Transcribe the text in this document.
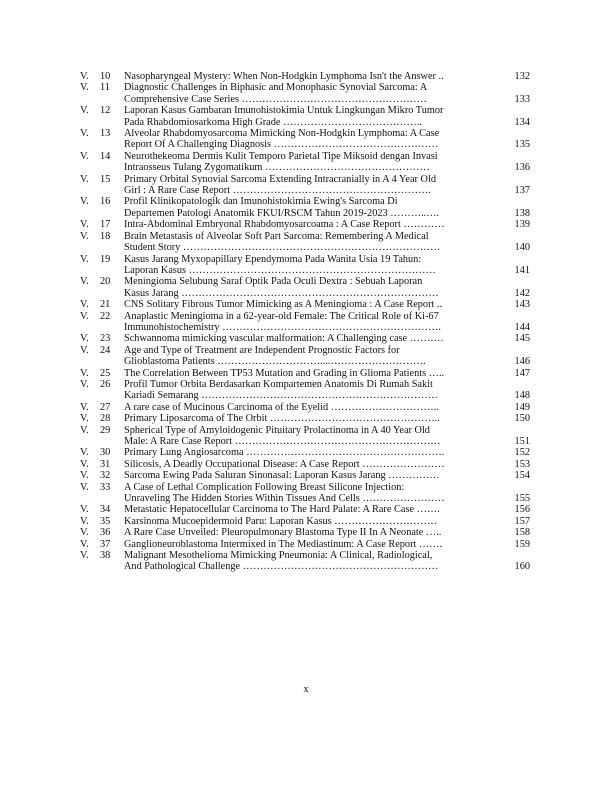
V.	10	Nasopharyngeal Mystery: When Non-Hodgkin Lymphoma Isn't the Answer ..	132
V.	11	Diagnostic Challenges in Biphasic and Monophasic Synovial Sarcoma: A
Comprehensive Case Series ………………………………………………	133
V.	12	Laporan Kasus Gambaran Imunohistokimia Untuk Lingkungan Mikro Tumor
Pada Rhabdomiosarkoma High Grade …………………………………..	134
V.	13	Alveolar Rhabdomyosarcoma Mimicking Non-Hodgkin Lymphoma: A Case
Report Of A Challenging Diagnosis …………………………………………	135
V.	14	Neurothekeoma Dermis Kulit Temporo Parietal Tipe Miksoid dengan Invasi
Intraosseus Tulang Zygomatikum …………………………………………	136
V.	15	Primary Orbital Synovial Sarcoma Extending Intracranially in A 4 Year Old
Girl : A Rare Case Report ………………………………………………….	137
V.	16	Profil Klinikopatologik dan Imunohistokimia Ewing's Sarcoma Di
Departemen Patologi Anatomik FKUI/RSCM Tahun 2019-2023 ………..….	138
V.	17	Intra-Abdominal Embryonal Rhabdomyosarcoama : A Case Report …………	139
V.	18	Brain Metastasis of Alveolar Soft Part Sarcoma: Remembering A Medical
Student Story …………………………………………………………………	140
V.	19	Kasus Jarang Myxopapillary Ependymoma Pada Wanita Usia 19 Tahun:
Laporan Kasus ………………………………………………………………	141
V.	20	Meningioma Selubung Saraf Optik Pada Oculi Dextra : Sebuah Laporan
Kasus Jarang …………………………………………………………………	142
V.	21	CNS Solitary Fibrous Tumor Mimicking as A Meningioma : A Case Report ..	143
V.	22	Anaplastic Meningioma in a 62-year-old Female: The Critical Role of Ki-67
Immunohistochemistry ……………………………………………………….	144
V.	23	Schwannoma mimicking vascular malformation: A Challenging case ……….	145
V.	24	Age and Type of Treatment are Independent Prognostic Factors for
Glioblastoma Patients …………………………....……………………….	146
V.	25	The Correlation Between TP53 Mutation and Grading in Glioma Patients …..	147
V.	26	Profil Tumor Orbita Berdasarkan Kompartemen Anatomis Di Rumah Sakit
Kariadi Semarang ……………………………………………………………	148
V.	27	A rare case of Mucinous Carcinoma of the Eyelid …………………………..	149
V.	28	Primary Liposarcoma of The Orbit …………………………………………..	150
V.	29	Spherical Type of Amyloidogenic Pituitary Prolactinoma in A 40 Year Old
Male: A Rare Case Report ……………………………………………………	151
V.	30	Primary Lung Angiosarcoma ………………………………………………….	152
V.	31	Silicosis, A Deadly Occupational Disease: A Case Report ……………………	153
V.	32	Sarcoma Ewing Pada Saluran Sinonasal: Laporan Kasus Jarang ……………	154
V.	33	A Case of Lethal Complication Following Breast Silicone Injection:
Unraveling The Hidden Stories Within Tissues And Cells ……………………	155
V.	34	Metastatic Hepatocellular Carcinoma to The Hard Palate: A Rare Case …….	156
V.	35	Karsinoma Mucoepidermoid Paru: Laporan Kasus …………………………	157
V.	36	A Rare Case Unveiled: Pleuropulmonary Blastoma Type II In A Neonate …..	158
V.	37	Ganglioneuroblastoma Intermixed in The Mediastinum: A Case Report …….	159
V.	38	Malignant Mesothelioma Mimicking Pneumonia: A Clinical, Radiological,
And Pathological Challenge …………………………………………………	160
x
